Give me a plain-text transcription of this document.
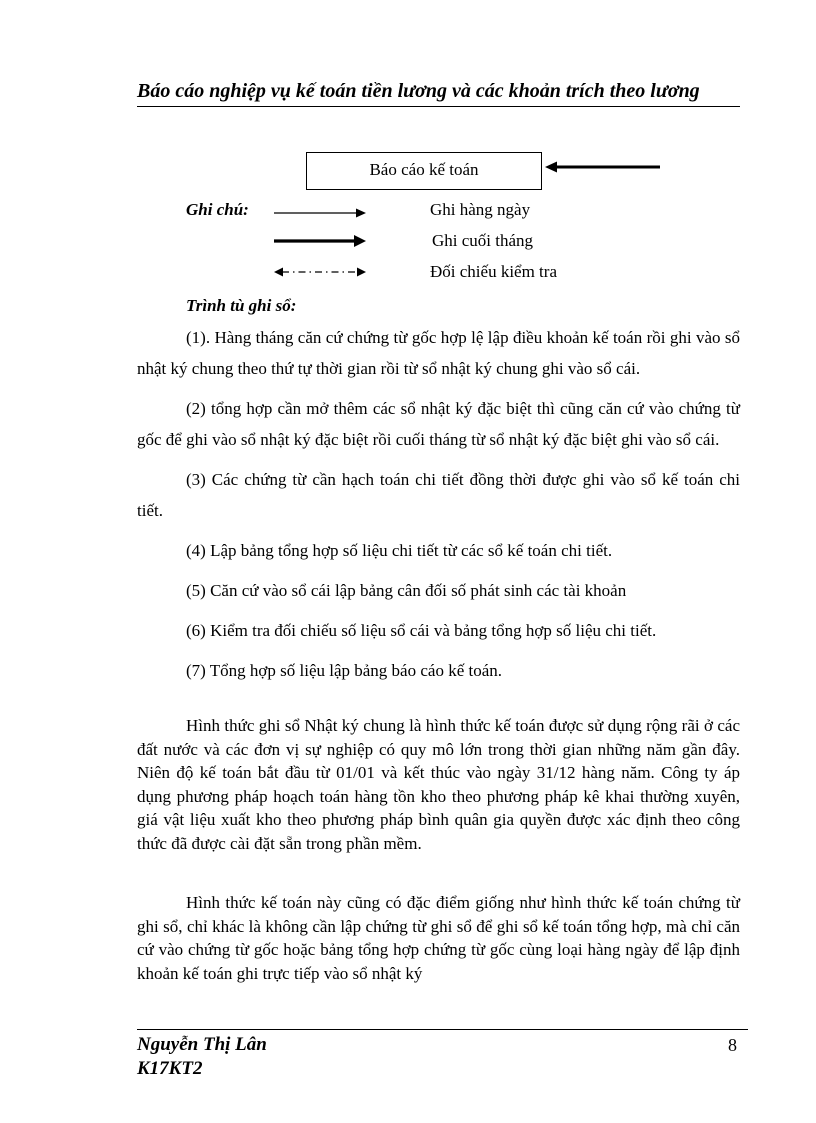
Báo cáo nghiệp vụ kế toán tiền lương và các khoản trích theo lương
Báo cáo kế toán
Ghi chú:	Ghi hàng ngày
Ghi cuối tháng
Đối chiếu kiểm tra
Trình tù ghi sổ:

(1). Hàng tháng căn cứ chứng từ gốc hợp lệ lập điều khoản kế toán rồi ghi vào sổ nhật ký chung theo thứ tự thời gian rồi từ sổ nhật ký chung ghi vào sổ cái.

(2) tổng hợp cần mở thêm các sổ nhật ký đặc biệt thì cũng căn cứ vào chứng từ gốc để ghi vào sổ nhật ký đặc biệt rồi cuối tháng từ sổ nhật ký đặc biệt ghi vào sổ cái.

(3) Các chứng từ cần hạch toán chi tiết đồng thời được ghi vào sổ kế toán chi tiết.

(4) Lập bảng tổng hợp số liệu chi tiết từ các sổ kế toán chi tiết.

(5) Căn cứ vào sổ cái lập bảng cân đối số phát sinh các tài khoản

(6) Kiểm tra đối chiếu số liệu sổ cái và bảng tổng hợp số liệu chi tiết.

(7) Tổng hợp số liệu lập bảng báo cáo kế toán.

Hình thức ghi sổ Nhật ký chung là hình thức kế toán được sử dụng rộng rãi ở các đất nước và các đơn vị sự nghiệp có quy mô lớn trong thời gian những năm gần đây. Niên độ kế toán bắt đầu từ 01/01 và kết thúc vào ngày 31/12 hàng năm. Công ty áp dụng phương pháp hoạch toán hàng tồn kho theo phương pháp kê khai thường xuyên, giá vật liệu xuất kho theo phương pháp bình quân gia quyền được xác định theo công thức đã được cài đặt sẵn trong phần mềm.

Hình thức kế toán này cũng có đặc điểm giống như hình thức kế toán chứng từ ghi sổ, chỉ khác là không cần lập chứng từ ghi sổ để ghi sổ kế toán tổng hợp, mà chỉ căn cứ vào chứng từ gốc hoặc bảng tổng hợp chứng từ gốc cùng loại hàng ngày để lập định khoản kế toán ghi trực tiếp vào sổ nhật ký

Nguyễn Thị Lân
K17KT2
8
